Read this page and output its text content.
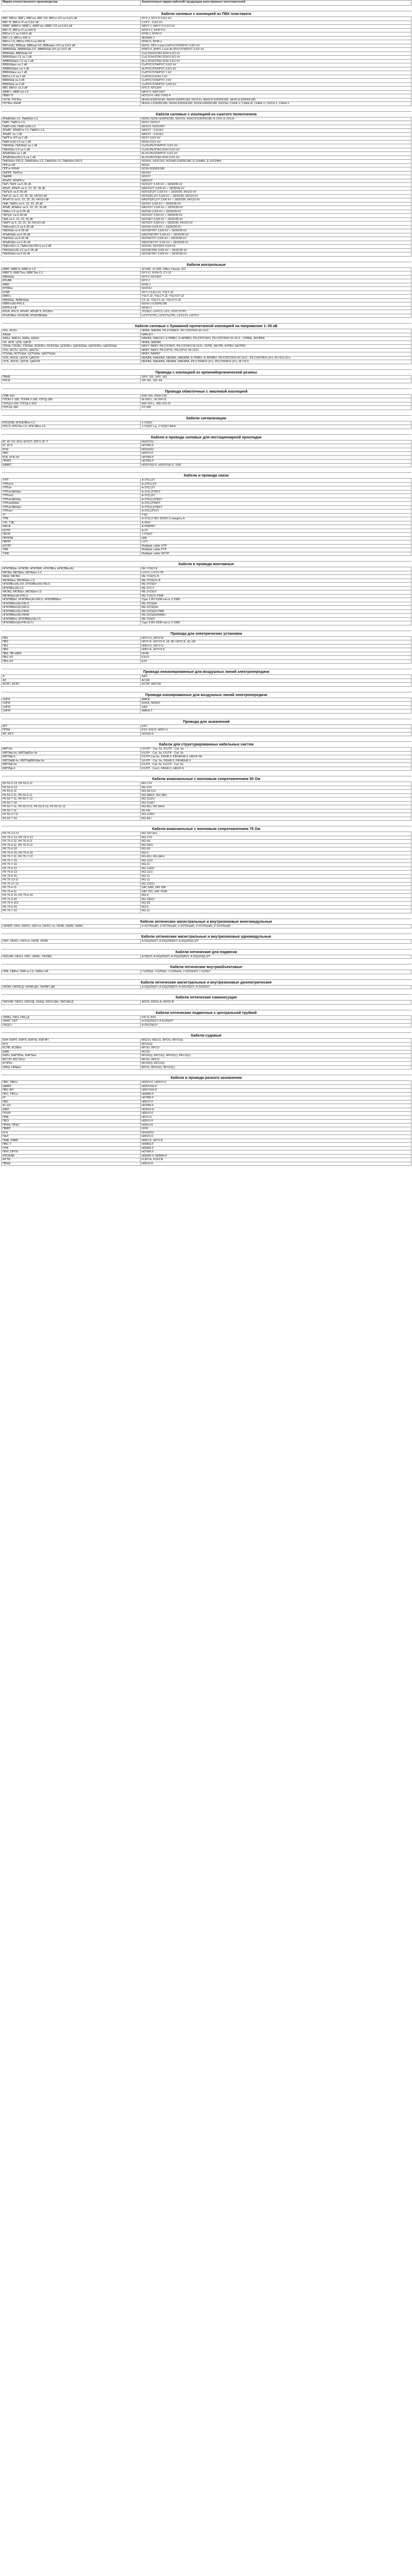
Марки отечественного производства	Аналогичные марки кабелей/ продукции иностранных изготовителей

Кабели силовые с изоляцией из ПВХ пластиката	
ВВГ, ВВГнг, ВВГз, ВВГзнг, ВВГ-ХЛ, ВВГнг-ХЛ на 0,6/1 кВ	NYY-J, NYY-O 0,6/1 kV
ВВГ-П, ВВГнг-П на 0,6/1 кВ	CYKY - 0,6/1 kV
АВВГ, АВВГнг, АВВГз, АВВГзнг, АВВГ-ХЛ на 0,6/1 кВ	NAYY-J, NAYY-O 0,6/1 kV
ВВГ-П, ВВГнг-П на 660 В	NYIFY-J, NYIFY-O
ВВГнг-LS на 0,66/1 кВ	NYM-J, NYM-O
ВВГ-LS, ВВГнг-FRLS	NHXMH-J
ВВГнг-LS, ВВГнг-FRLS на 660 В	NYM-O, NYM-J
ВВГнг(А), ВВБшв, ВВБшв-ХЛ, ВВБшвнг-ХЛ на 0,6/1 кВ	N2XS; YBY-J или Cu/PVC/STA/PVC 0,6/1 kV
АВВБбШв, АВВБбШв-ХЛ, АВВБбШв-ХЛ на 0,6/1 кВ	AYBY-O, AYBY-J или AL/PVC/STA/PVC 0,6/1 kV
ВВБбШв, ВВБбШв-ХЛ	Cu/LSOH/STA/LSOH 0,6/1 kV
ВВБбШвнг-LS на 1 кВ	Cu/LSOH/STA/LSOH 0,6/1 kV
АВВБбШвнг-LS на 1 кВ	AL/LSOH/STA/LSOH 0,6/1 kV
ВВБбШвнг на 1 кВ	Cu/PVC/STA/PVC 0,6/1 kV
АВВБбШвнг на 1 кВ	AL/PVC/STA/PVC 0,6/1 kV
ВВБбШвнг на 1 кВ	Cu/PVC/STA/PVC 1 kV
ВВГнг-LS на 1 кВ	Cu/PVC/LSOH 1 kV
ВВБбШв на 3 кВ	Cu/PVC/STA/PVC 3 kV
ВВБбШв на 3 кВ	Cu/PVC/STA/PVC 3,6/6 kV
ВВГ, ВВГнг на 3 кВ	NYCY, NYCWY
АВВГз, АВВГзнг-LS	NAYCY, NAYCWY
ПВВГ-П	H07VV-F, H05 VVH2-F
ПУГВ, ПУГВнг	NHXH E30/FE180, NHXH E90/FE180, N2XCH, NHXCH E30/FE180, NHXCH E90/FE180
ПУГВнг-FRHF	NHXH-J E30/FE180, NHXH E30/FE180, N2XH E90/FE180, N2XSH, CXKE-V, CHKE-R, CHKE-V, CHTH-1, CHKH-1

Кабели силовые с изоляцией из сшитого полиэтилена	
АПвБбШп-LS, ПвБбШп-LS	N2XH, N2XH E30/FE180, N2XCH, N2XCH E30/FE180, E-2XH, E-2XCH
ПвВГ, ПвВГнг-LS	N2XY, N2XCY
ПвВГнг(А), ПвВГнг(А)-LS	N2XCY, N2XCWY
АПвВГ, АПвВГнг-LS, ПвВГнг-LS	NA2XY - 0,6/1kV
АПвВГ на 1 кВ	NA2XY - 0,6/1kV
ПвПГнг-ХЛ на 1 кВ	N2XY 0,6/1 kV
ПвВГнг(А)-LS на 1 кВ	N2XH 0,6/1 kV
ПвБбШв, ПвБбШп на 1 кВ	Cu/XLPE/STA/PVC 0,6/1 kV
ПвБбШнг-LS на 1 кВ	Cu/XLPE/STA/LSOH 0,6/1 kV
АПвБбШв на 1 кВ	AL/XLPE/STA/PVC 0,6/1 kV
АПвБбШнг(А)-LS на 1 кВ	AL/XLPE/STA/LSOH 0,6/1 kV
ПвБбШнг-FRLS, ПвКБбШнг-LS, ПвБбШп-LS, ПвБбШп-FRLS	N2XHX, N2XCHX, N2XHR E30/FE180, E-2XHBH, E-2XCHBH
ППГнг-HF	N2XH
ППГнг-FRHF	N2XH E30/FE180
ПвППГ, ПвПГнг	N2XSY
ПвКВВ	N2X2Y
АПвПГ, АПвПГнг	NA2X2Y
ПвП, ПвПг на 6-35 кВ	N2XS2Y 3,6/6 kV ÷ 18/30/36 kV
АПвП, АПвПг на 6, 10, 20, 35 кВ	NA2XS2Y 3,6/6 kV ÷ 18/30/36 kV
ПвПу2г на 6-35 кВ	N2XS(F)2Y 3,6/6 kV ÷ 18/30/36; 64/110 kV
ПвП-2г на 6, 10, 20, 35, 64/110 кВ	N2XS(FL)2Y 3,6/6 kV ÷ 18/30/36; 64/110 kV
АПвП-2г на 6, 10, 20, 35, 64/110 кВ	NA2XS(FL)2Y 3,6/6 kV ÷ 18/30/36; 64/110 kV
ПвВ, ПвВнг на 6, 10, 20, 35 кВ	N2XSY 3,6/6 kV ÷ 18/30/36 kV
АПвВ, АПвВнг на 6, 10, 20, 35 кВ	NA2XSY 3,6/6 kV ÷ 18/30/36 kV
ПвВнг-LS на 6-35 кВ	N2XSH 3,6/6 kV ÷ 18/30/36 kV
ПвПу2г на 6-35 кВ	N2XS2Y 3,6/6 kV ÷ 18/30/36 kV
ПвВ на 6, 10, 20, 35 кВ	N2XSEY 3,6/6 kV ÷ 18/30/36 kV
ПвКП на 6, 10, 20, 35, 64/110 кВ	N2XS2Y 3,6/6 kV ÷ 18/30/36; 64/110 kV
ПвВнг(А)-LS на 6-35 кВ	N2XSH 3,6/6 kV ÷ 18/30/36 kV
ПвБбШв на 6-35 кВ	N2XSEYRY 3,6/6 kV ÷ 18/30/36 kV
АПвБбШв на 6-35 кВ	NA2XSEYRY 3,6/6 kV ÷ 18/30/36 kV
ПвБбШп на 6-35 кВ	N2XSEY2Y 3,6/6 kV ÷ 18/30/36 kV
АПвБбШп на 6-35 кВ	NA2XSEY2Y 3,6/6 kV ÷ 18/30/36 kV
ПвВнг(А)-LS, ПвВнг(А)-FRLS на 6 кВ	N2XSH, N2XSFH 3,6/6 kV
ПвБбШнг(А)-LS на 6-35 кВ	N2XSEYRH 3,6/6 kV ÷ 18/30/36 kV
ПвКБбШв на 6-35 кВ	N2XSEYRY 3,6/6 kV ÷ 18/30/36 kV

Кабели контрольные	
КВВГ, КВВГнг, КВВГнг-LS	JZ-500, JZ-600, Ölflex Classic 110
КВВГЭ, КВВГЭнг, КВВГЭнг-LS	NYY-O, NYM-O, CY-JZ
КВБбШв	NYCY, NYCWY
КПсВВ	NYY-J
КВВГ	NYM-J
КПЭВнг	N2XCH
КГВВ	NYY-J 0,6/1 kV, YSLY-JZ
КВВГз	YSLY-JZ, YSLCY-JZ, YSLYCY-JZ
КВБбШв, АКВБбШв	CY-JZ, YSLCY-JZ, YSLYCY-JZ
КВВГнг(А)-FRLS	N2XH-J E30/FE180
КППГнг-HF	N2XH-J
КПсВ, КПсЭ, АПсВГ, АПсВГЭ, КПсВГа	JY(St)Y, Li2YCY, Li2Y, Li2YCY(TP)
КПсВЭВнг, КПсВЭВ, КПсВЭБбШв	Li2YCY(TP), Li2YCYv(TP), Li2YCYv, Li2YCY

Кабели силовые с бумажной пропитанной изоляцией на напряжение 1–35 кВ	
СКл, АСКл	NKBA, NAKBA, PILC/SWA/S, PILC/DSTA/S M.I.N.D.
ААШв	NAKLEY
ААБл, ААБ2л, ААБв, ААШп	NAKBA, NAKLEY, E-PMBU, E-APMBU, PILC/DSTA/S, PILC/DSTA/S M.I.N.D., ЧУВБА, АЧУВБА
СБ, АСБ, ЦСБ, ЦАСБ	NKBA, NAKBA
СБШв, СБ2Бл, СБ2Шв, АСБ2Бл, АСБ2Шв, ЦСБ2Бл, ЦАСБ2Шв, ЦАСБ2Бл, ЦАСБ2Шв	NAYY, NKBY, PILC/STA/S, PILC/STA/S M.I.N.D., КУРБ, АКУРБ, КУРБУ, АКУРБУ
СПл, АСПл, ЦСПл, ЦАСПл	NKBY, NAKY, PILC/PVC, PILC/PVC M.I.N.D.
СПлШв, АСПлШв, ЦСПлШв, ЦАСПлШв	NKBY, NAKBY
ОСК, АОСК, ЦОСК, ЦАОСК	NEKBA, NAEKBA, NEKBA, NAEKBA, E-PMBU, E-APMBU, PILC/DSTA/S/ M.I.N.D., PILC/DSTA/S (3×), M.I.N.D.(3×)
ОСБ, АОСБ, ЦОСБ, ЦАОСБ	NEKBA, NAEKBA, NEKBA, NAEKBA, PILC/SWA/S (3×), PILC/SWA/S (3×), M.I.N.D.

Провода с изоляцией из кремнийорганической резины	
ПВКВ	SIFF, SIF, SiFF, SiD
РКГМ	SIF-SIL, SIF-SIL

Провода обмоточные с эмалевой изоляцией	
ПЭВ-155	EIW-155, PEW-155
ПЭЭИ-1-180, ПЭЭИ-2-180, ПЭТД-180	W-200-L, W-200-2L
ПЭТД-2-200, ПЭТД-2-200	WD-210-L, WD-210-2L
ПЭТЦ2-180	ST-200

Кабели сигнализации	
КПСВЭВ, КПСВЭВнг-LS	J-Y(St)Y
КПСЭ, КПСЭнг-LS, КПСЭВнг-LS	J-Y(St)Y Lg, J-Y(St)Y BdSi

Кабели и провода силовые для нестационарной прокладки	
КГ, КГ-ХЛ, КГН, КГРСТ, КПГУ, КГ-Т	NSHTÖU
КГ, КГЭ	H07RN-F
КГШ	NSSHÖU
ПВС	H05VV-F
КГВ, КГВ-ХЛ	H07RN-F
ПРМП	H07RN-F
ШВВП	H03VVH2-F, H03VVH2-F, VDE

Кабели и провода связи	
ТПП	A-2Y(L)2Y
ТППэпЗ	A-2YF(L)2Y
ТППэп	A-2Y(L)2Y
ТППэпЗБбШп	A-2Y(L)2YB2Y
ТППэпЗ	A-2Y(L)2Y
ТППэпЗБбШп	A-2YF(L)2YB2Y
ТППэпБбШп	A-2Y(L)2YB2Y
ТППэпЗБбШп	A-2YF(L)2YB2Y
ТППэпт	A-2Y(L)2Y(T)
ТГ	TYD
ТПВ	A-2Y(L)Y IEC 60332-3 category A
ТЗГ, ТЗБ	A-FKH
МКСА	A-PMIZBC
КСПП	A-2Y
ПКСВ	J-Y(St)Y
ПРППМ	H05
ПВПП	LIYY
ШТЛП	Multipair cable UTP
ТВВ	Multipair cable FTP
ТЖВ	Multipair cable S/FTP

Кабели и провода монтажные	
НГМЭБШв, НГМЭВ, НГМЭБВ, НГМЭВнг, НГМЭВнг(А)	RE-Y(St)Y-fl
МКЭШ, МКЭШнг, МКЭШнг-LS	LiYCY, LiYCY-TP
МКШ, МКЭШ	RE-Y(St)Yv-fl
МКЭКШнг, МКЭКШнг-LS	RE-2Y(St)Yv-fl
НГМЭВнг(А)-ХЛ, НГМЭВнг(А)-FRLS	RE-2Y(St)Y
НГМЭВнг(А)-LS	RE-2YCY
МКЭШ, МКЭШнг, МКЭШнг-LS	RE-2Y(St)Y
МКЭКШнг(А)-FRLS	RE-Y(St)Yv PiMF
НГМЭБВнг, НГМЭВнг(А)-FRLS, НГМЭВБВнг	Type 1 BS 5308 часть 2:1986
НГМЭКВнг(А)-FRLS	RE-2X(St)H
НГМЭБВнг(А)-FRLS	RE-2X(St)Hx
НГМЭКВнг(А)-FRHF	RE-2X(St)H PiMF
НГМЭБВнг(А)-FRHF	RE-2X(St)HSWAH
НГМЭКВнг, НГМЭКВнг(А)-LS	RE-Y(St)Y
НГМЭКВнг(А)-FRLSLTx	Type 2 BS 5308 часть 2:1986

Провода для электрических установок	
ПВ1	H07V-U, H07V-R
ПВ3	H07V-K, H07V2-K, HL 90, H07Z-K, HL-HF
ПВ1	H05V-U, H07V-U
ПВ3	H05V-K, H07V3-K
ПВ6, ПВ-НВМ	NYAF
ПВ1-ХЛ	ESUY
ПВ3-ХЛ	ESY

Провода неизолированные для воздушных линий электропередачи	
А	AAC
АС	ACSR
АСКП, АСКС	ACSR, AACSR

Провода изолированные для воздушных линий электропередачи	
СИП1	AMKA
СИП2	AXKA, NFA2X
СИП3	SAX
СИП4	AMKA-T

Провода для заземлений	
ИГГ	ESY
ПГВА	ESY, ESUY, H05V-U
МГ, МГЗ	H01N2-D

Кабели для структурированных кабельных систем	
КВП-5е	U/UTP - Cat. 5e, F/UTP - Cat. 5e
КВПЭф-5е, КВПЭфПнг-5е	F/UTP - Cat. 5e, F/UTP - Cat. 5e
КВПЭф-6	F/UTP-Cat.6e, F8/H8-3, F8/H8/H8-3, H8/UF-58
КВПЭфВ-5е, КВПЭфВБбШв-5е	U/UTP - Cat. 5е, F8/H8-3, F8/H8/H8-3
КВПЭф-5е	F/UTP - Cat. 5e, F/UTP - Cat. 5e
КВПЭф-6	F/UTP - Cat.6, F8/H8-3, H8/UF-6

Кабели коаксиальные с волновым сопротивлением 50 Ом	
РК 50-2-13, РК 50-2-11	RG-174
РК 50-3-13	RG-316
РК 50-4-11	RG-58 C/U
РК 50-2-11, РК 50-3-11	RG 58A/U, RG 58U
РК 50-7-11, РК 50-7-12	RG 213/U
РК 50-7-16	RG 214/U
РК 50-7-11, РК 50-9-11, РК 50-9-12, РК 50-11-11	RG-8/U, RG 8A/U
РК 50-7-11	5D-FB
РК 50-17-11	RG-218/U
РК 50-7-15	RG-8/U

Кабели коаксиальные с волновым сопротивлением 75 Ом	
РК 75-1,5-11	RG-187 A/U
РК 75-2-13, РК 75-2-13	RG-179
РК 75-3-11, РК 75-4-11	RG-59
РК 75-4-11, РК 75-4-12	RG-59/U
РК 75-4-16	RG-59
РК 75-4-15, РК 75-4-16	RG-6
РК 75-7-11, РК 75-7-12	RG-6/U, RG-6A/U
РК 75-7-15	RG-11/U
РК 75-7-16	RG-11
РК 75-9-12	RG 11A/U
РК 75-9-13	RG-11/U
РК 75-9-16	RG-11
РК 75-13-11	RG-11
РК 75-17-12	RG 216/U
РК 75-4-11	SAT 50M, SAT 50F
РК 75-4-11	SAT 703, SAT 703N
РК 75-4-15, РК 75-4-16	RG-6
РК 75-3-32	RG 180/U
РК 75-4-113	RG-59
РК 75-4-15	RG-6
РК 75-7-12	RG-11

Кабели оптические магистральные и внутризоновые многомодульные	
ОКЛМТ, ОКЛ, ОКЛСт, ОКЛ-нг, ОКЛСт-нг, ОКЛК, ОКЛБ, ОКМС	Z-XOTKtsdD, Z-XOTKtsdD, Z-XOTKtsdD, Z-XOTKtsdD, Z-XOTKtsdD

Кабели оптические магистральные и внутризоновые одномодульные	
ОКЛ, ОКЛСт, ОКЛ-нг, ОКЛК, ОКЛБ	A-DQ(ZN)2Y, A-DQ(ZN)B2Y, A-DQ(ZN)(L)2Y

Кабели оптические для подвески	
ОКСНМ, ОКСН, ОКС, ОКМС, ОКЛМС	A-DQ2Y, A-DQ(ZN)2Y, A-DQ(ZN)B2Y, A-DQ(ZN)(L)2Y

Кабели оптические внутриобъектовые	
ОКВ, ОКВнг, ОКВ-нг-LS, ОКВнг-HF	I-V(ZN)H, I-V(ZN)H, I-V(ZN)HH, I-V(ZN)H2Y, I-V(ZN)Y

Кабели оптические магистральные и внутризоновые диэлектрические	
ОКЛМ, ОКЛМ-Д, ОКЛМ-ДН, ОКЛМТ-ДН	A-DQ(ZN)2Y, A-DQ(ZN)B2Y, A-DF(ZN)2Y, A-D(ZN)2Y

Кабели оптические самонесущие	
ОКСНМ, ОКСН, ОКСНД, ОКАД, ОКСН-ДН, ОКСНМ-Д	ADSS, ADSS-A, ADSS-B

Кабели оптические подвесные с центральной трубкой	
ОКМЦ, ОКЦ, ОКЦ-Д	FIG 8, ASU
ОКМТ, ОКТ	A-DQ(ZN)2Y, A-D(ZN)2Y
ОКЦСт	A-DF(ZN)2Y

Кабели судовые	
КНР, КНРП, КНРЭ, КНРЭк, КНРЭП	MGCH, MGCG, RFOU, RFOU(i)
КГН	RFOU(i)
КСЛВ, КСЛВнг	RFOU, RFCU
ШВВ	RCOU
КНРэ, КНРЭПнг, КНРЭкнг	RFOU(i), RFCU(i), RFOU(c), RFCU(c)
ВСГЭУ, ВСГЭУнг	RFOU, RFCU
КГЭПнг	RFOU(i), RFCU(i)
НМШ, НМШнг	BFOU, BFOU(i), BFOU(c)

Кабели и провода разного назначения	
ПВС, ПВСн	H03VV-F, H05VV-F
ШВВП	H03VVH2-F
ПВС-ВП	H05VVH2-F
ПРС, ПРСн	H05RR-F
КГ	H07RN-F
ПВС	H05VV-F
КГ-ХЛ	H07RN-F
ШВЛ	H03VH-H
ПУНП	H05VV-F
ППВ	H07V-U
ПВЭ	H05VV-F
ПРКА, ПРКС	H05SJ-K
ПВВП	NYIF
КГН	NSSHÖU
ПАЛ	H05VV-F
ПМВ, ПМВГ	H05V-K, H07V-K
ПВС-Т	H05BQ-F
ПТВ	H05RN-F
ПРИ, ПРТИ	H07RN-F
КПСВЭВ	H05RR-F, H05RN-F
МГТФ	FLRY-A, FLRY-B
ПВКФ	H05V2-K
